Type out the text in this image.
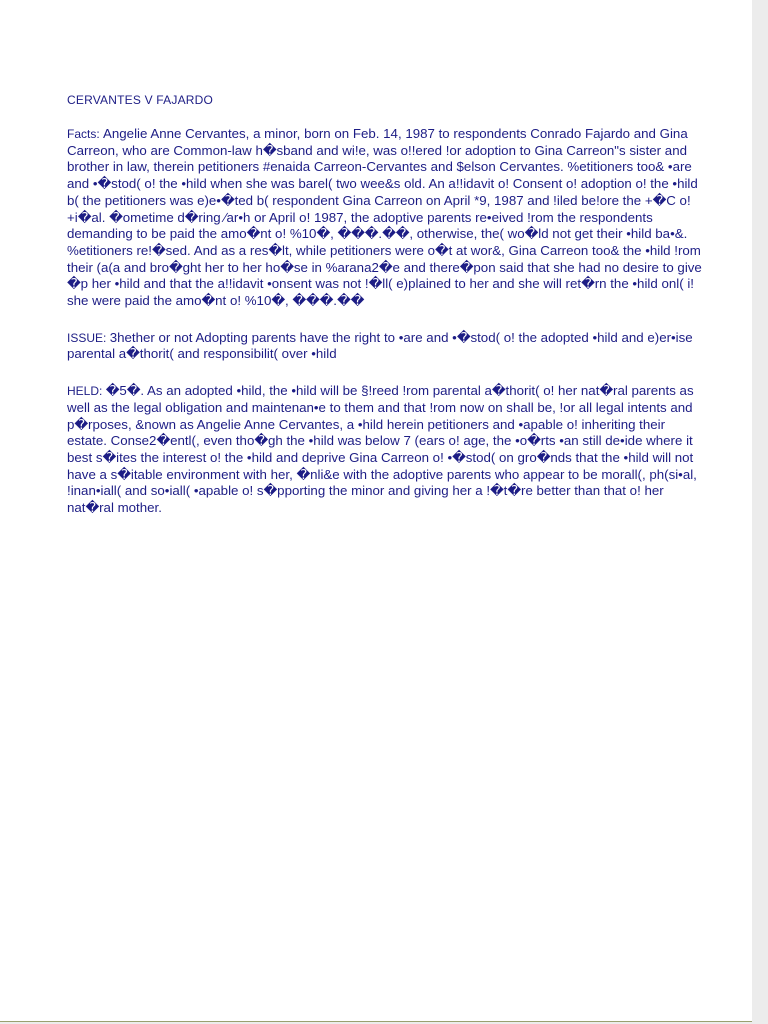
CERVANTES V FAJARDO

Facts: Angelie Anne Cervantes, a minor, born on Feb. 14, 1987 to respondents Conrado Fajardo and Gina Carreon, who are Common-law h�sband and wi!e, was o!!ered !or adoption to Gina Carreon"s sister and brother in law, therein petitioners #enaida Carreon-Cervantes and $elson Cervantes. %etitioners too& •are and •�stod( o! the •hild when she was barel( two wee&s old. An a!!idavit o! Consent o! adoption o! the •hild b( the petitioners was e)e•�ted b( respondent Gina Carreon on April *9, 1987 and !iled be!ore the +�C o! +i�al. �ometime d�ring ∕ar•h or April o! 1987, the adoptive parents re•eived !rom the respondents demanding to be paid the amo�nt o! %10�, ���.��, otherwise, the( wo�ld not get their •hild ba•&. %etitioners re!�sed. And as a res�lt, while petitioners were o�t at wor&, Gina Carreon too& the •hild !rom their (a(a and bro�ght her to her ho�se in %arana2�e and there�pon said that she had no desire to give �p her •hild and that the a!!idavit •onsent was not !�ll( e)plained to her and she will ret�rn the •hild onl( i! she were paid the amo�nt o! %10�, ���.��

ISSUE: 3hether or not Adopting parents have the right to •are and •�stod( o! the adopted •hild and e)er•ise parental a�thorit( and responsibilit( over •hild

HELD: �5�. As an adopted •hild, the •hild will be §!reed !rom parental a�thorit( o! her nat�ral parents as well as the legal obligation and maintenan•e to them and that !rom now on shall be, !or all legal intents and p�rposes, &nown as Angelie Anne Cervantes, a •hild herein petitioners and •apable o! inheriting their estate. Conse2�entl(, even tho�gh the •hild was below 7 (ears o! age, the •o�rts •an still de•ide where it best s�ites the interest o! the •hild and deprive Gina Carreon o! •�stod( on gro�nds that the •hild will not have a s�itable environment with her, �nli&e with the adoptive parents who appear to be morall(, ph(si•al, !inan•iall( and so•iall( •apable o! s�pporting the minor and giving her a !�t�re better than that o! her nat�ral mother.
